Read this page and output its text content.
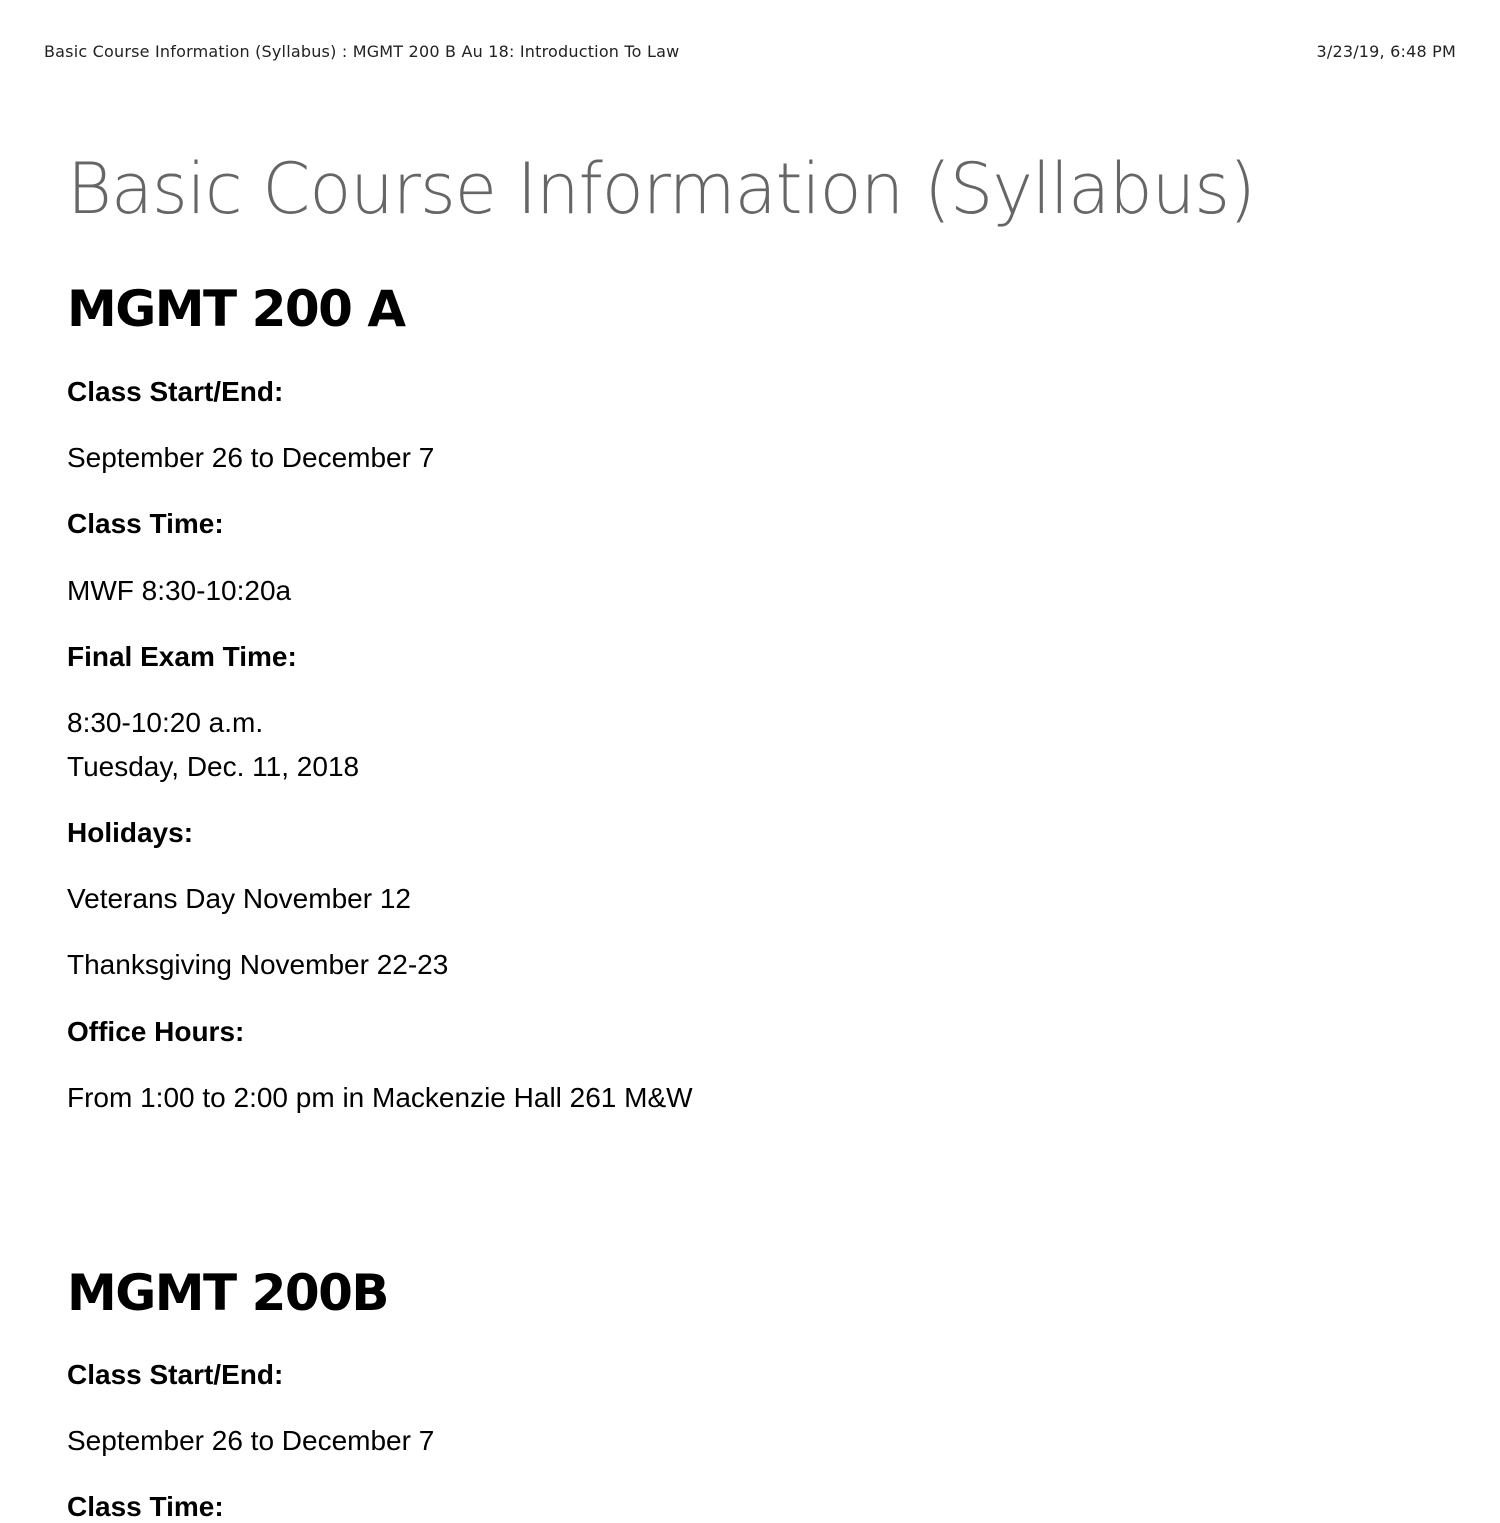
Basic Course Information (Syllabus) : MGMT 200 B Au 18: Introduction To Law	3/23/19, 6:48 PM
Basic Course Information (Syllabus)
MGMT 200 A

Class Start/End:

September 26 to December 7

Class Time:

MWF 8:30-10:20a

Final Exam Time:

8:30-10:20 a.m.

Tuesday, Dec. 11, 2018

Holidays:

Veterans Day November 12

Thanksgiving November 22-23

Office Hours:

From 1:00 to 2:00 pm in Mackenzie Hall 261 M&W

MGMT 200B

Class Start/End:

September 26 to December 7

Class Time:
